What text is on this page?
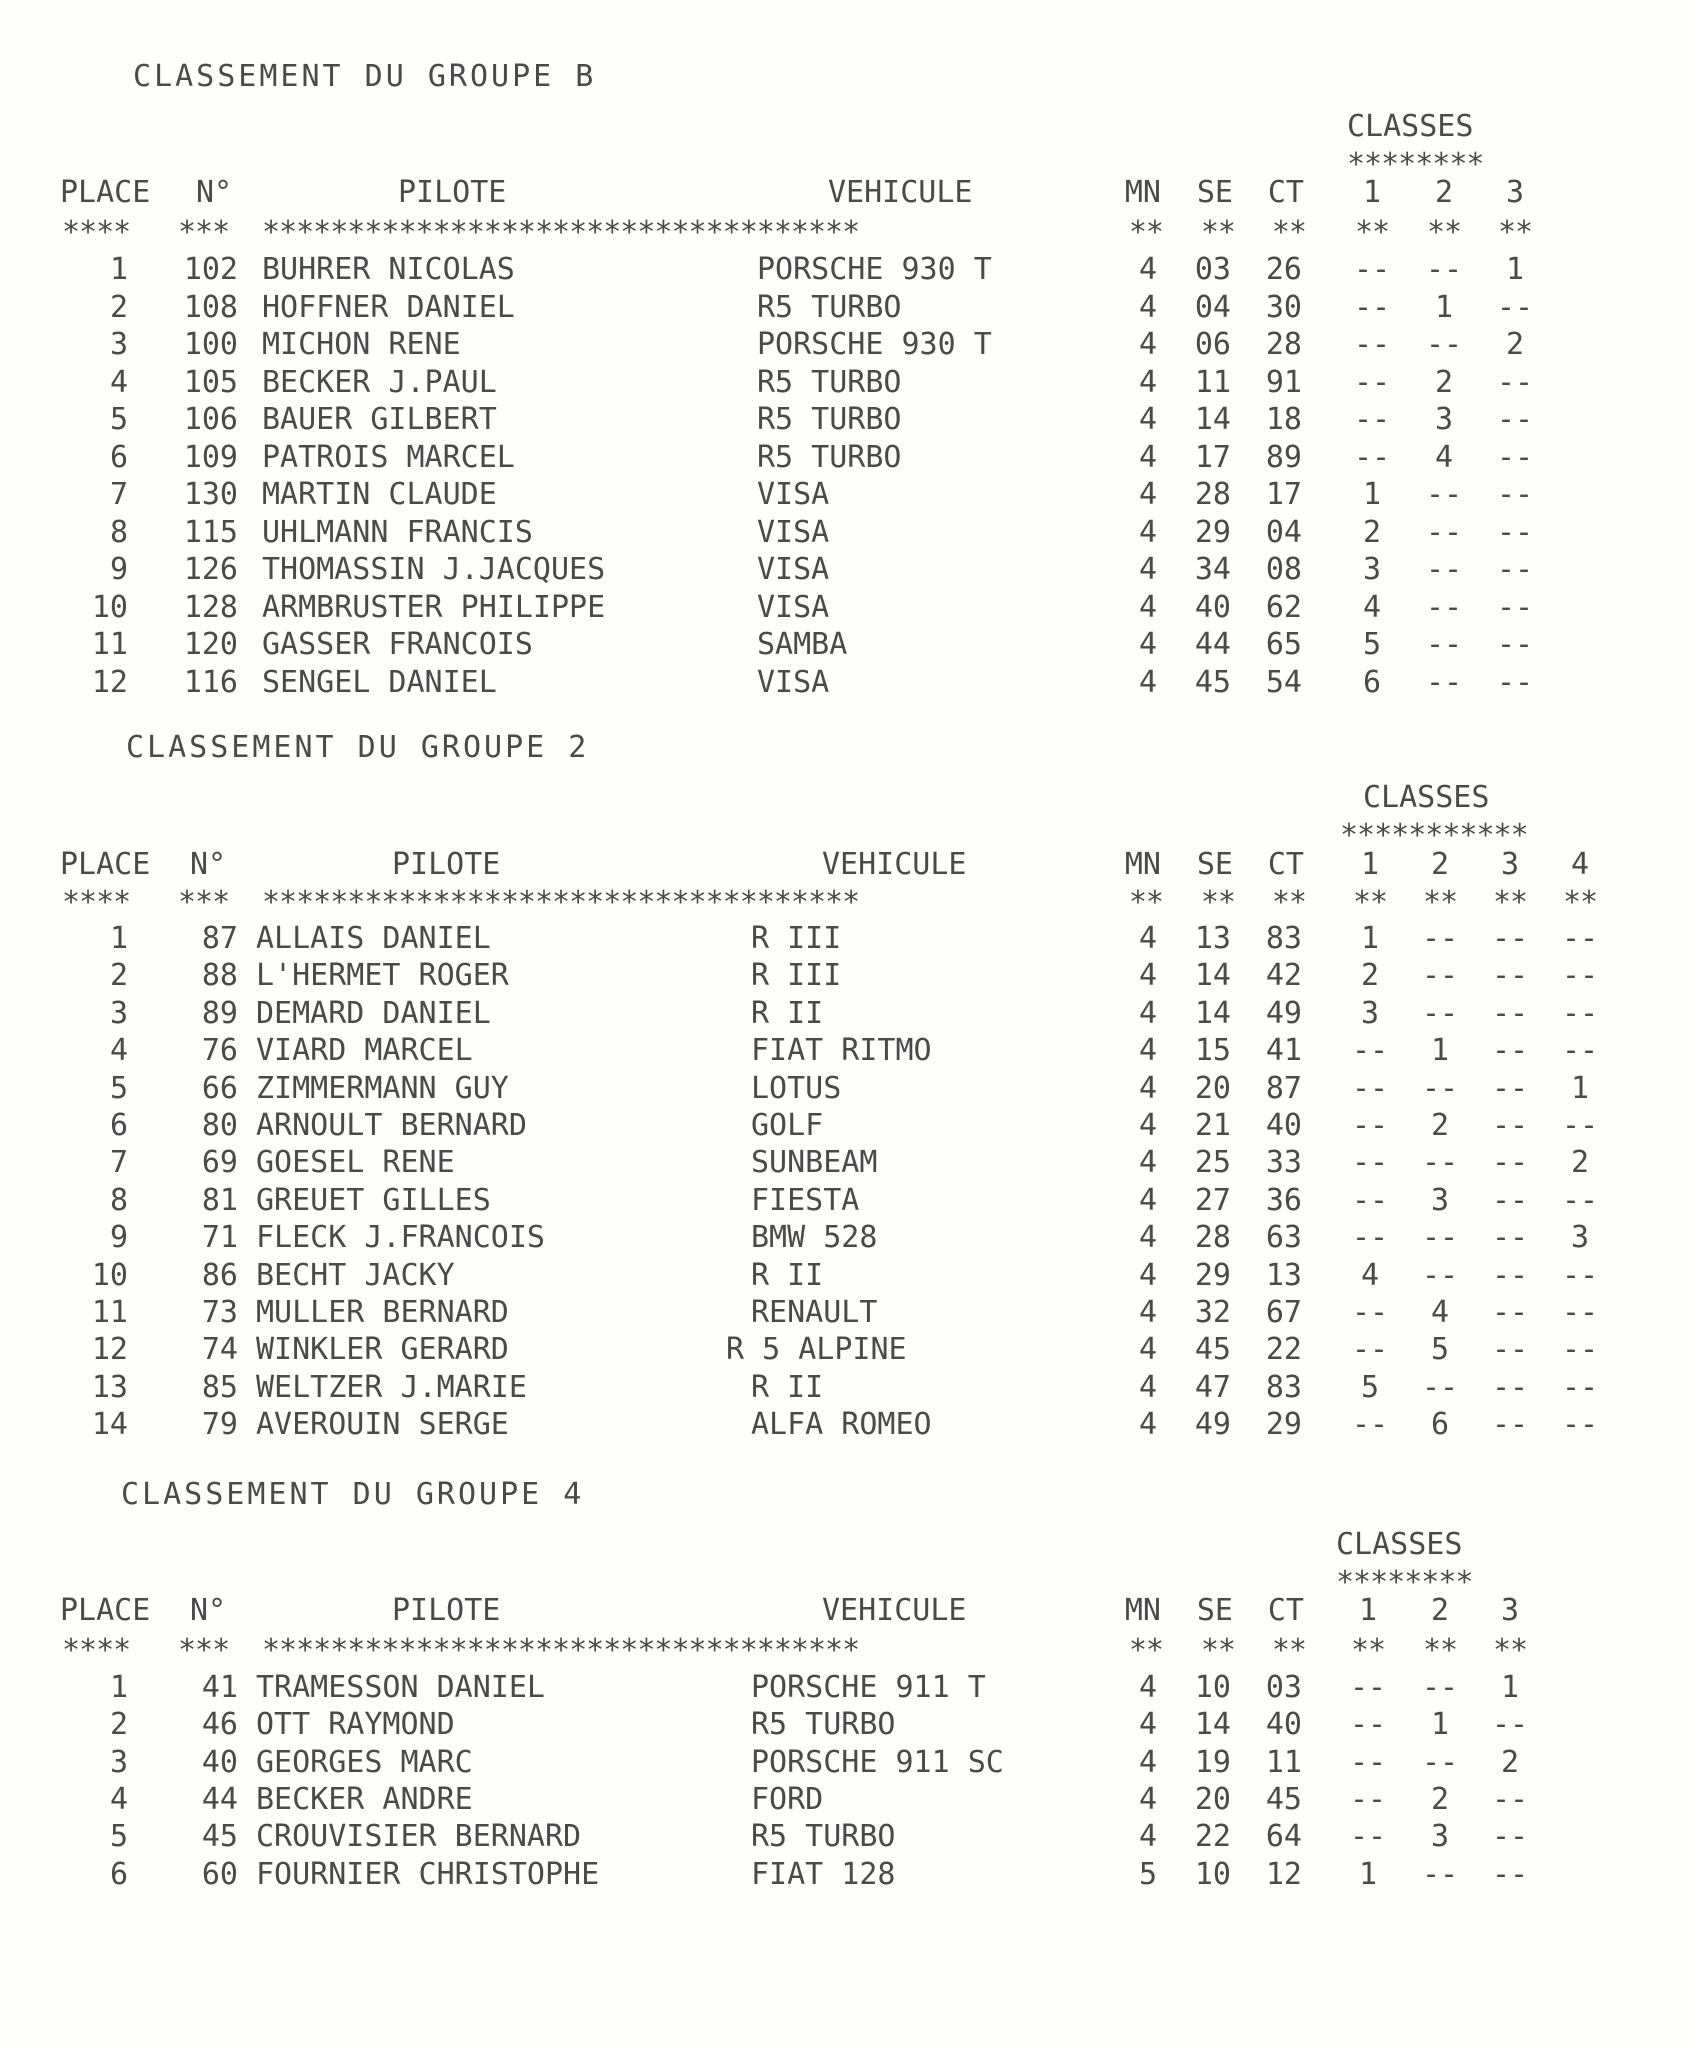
CLASSEMENT DU GROUPE B
CLASSES
********
PLACE N°	PILOTE	VEHICULE	MN SE CT	1	2	3
**** *** ***********************************	** ** **	**	**	**
1 102 BUHRER NICOLAS	PORSCHE 930 T	4 03 26	--	--	1
2 108 HOFFNER DANIEL	R5 TURBO	4 04 30	--	1	--
3 100 MICHON RENE	PORSCHE 930 T	4 06 28	--	--	2
4 105 BECKER J.PAUL	R5 TURBO	4 11 91	--	2	--
5 106 BAUER GILBERT	R5 TURBO	4 14 18	--	3	--
6 109 PATROIS MARCEL	R5 TURBO	4 17 89	--	4	--
7 130 MARTIN CLAUDE	VISA	4 28 17	1	--	--
8 115 UHLMANN FRANCIS	VISA	4 29 04	2	--	--
9 126 THOMASSIN J.JACQUES	VISA	4 34 08	3	--	--
10 128 ARMBRUSTER PHILIPPE	VISA	4 40 62	4	--	--
11 120 GASSER FRANCOIS	SAMBA	4 44 65	5	--	--
12 116 SENGEL DANIEL	VISA	4 45 54	6	--	--
CLASSEMENT DU GROUPE 2
CLASSES
***********
PLACE N°	PILOTE	VEHICULE	MN SE CT	1	2	3	4
**** *** ***********************************	** ** **	**	**	**	**
1 87 ALLAIS DANIEL	R III	4 13 83	1	--	--	--
2 88 L'HERMET ROGER	R III	4 14 42	2	--	--	--
3 89 DEMARD DANIEL	R II	4 14 49	3	--	--	--
4 76 VIARD MARCEL	FIAT RITMO	4 15 41	--	1	--	--
5 66 ZIMMERMANN GUY	LOTUS	4 20 87	--	--	--	1
6 80 ARNOULT BERNARD	GOLF	4 21 40	--	2	--	--
7 69 GOESEL RENE	SUNBEAM	4 25 33	--	--	--	2
8 81 GREUET GILLES	FIESTA	4 27 36	--	3	--	--
9 71 FLECK J.FRANCOIS	BMW 528	4 28 63	--	--	--	3
10 86 BECHT JACKY	R II	4 29 13	4	--	--	--
11 73 MULLER BERNARD	RENAULT	4 32 67	--	4	--	--
12 74 WINKLER GERARD	R 5 ALPINE	4 45 22	--	5	--	--
13 85 WELTZER J.MARIE	R II	4 47 83	5	--	--	--
14 79 AVEROUIN SERGE	ALFA ROMEO	4 49 29	--	6	--	--
CLASSEMENT DU GROUPE 4
CLASSES
********
PLACE N°	PILOTE	VEHICULE	MN SE CT	1	2	3
**** *** ***********************************	** ** **	**	**	**
1 41 TRAMESSON DANIEL	PORSCHE 911 T	4 10 03	--	--	1
2 46 OTT RAYMOND	R5 TURBO	4 14 40	--	1	--
3 40 GEORGES MARC	PORSCHE 911 SC	4 19 11	--	--	2
4 44 BECKER ANDRE	FORD	4 20 45	--	2	--
5 45 CROUVISIER BERNARD	R5 TURBO	4 22 64	--	3	--
6 60 FOURNIER CHRISTOPHE	FIAT 128	5 10 12	1	--	--
